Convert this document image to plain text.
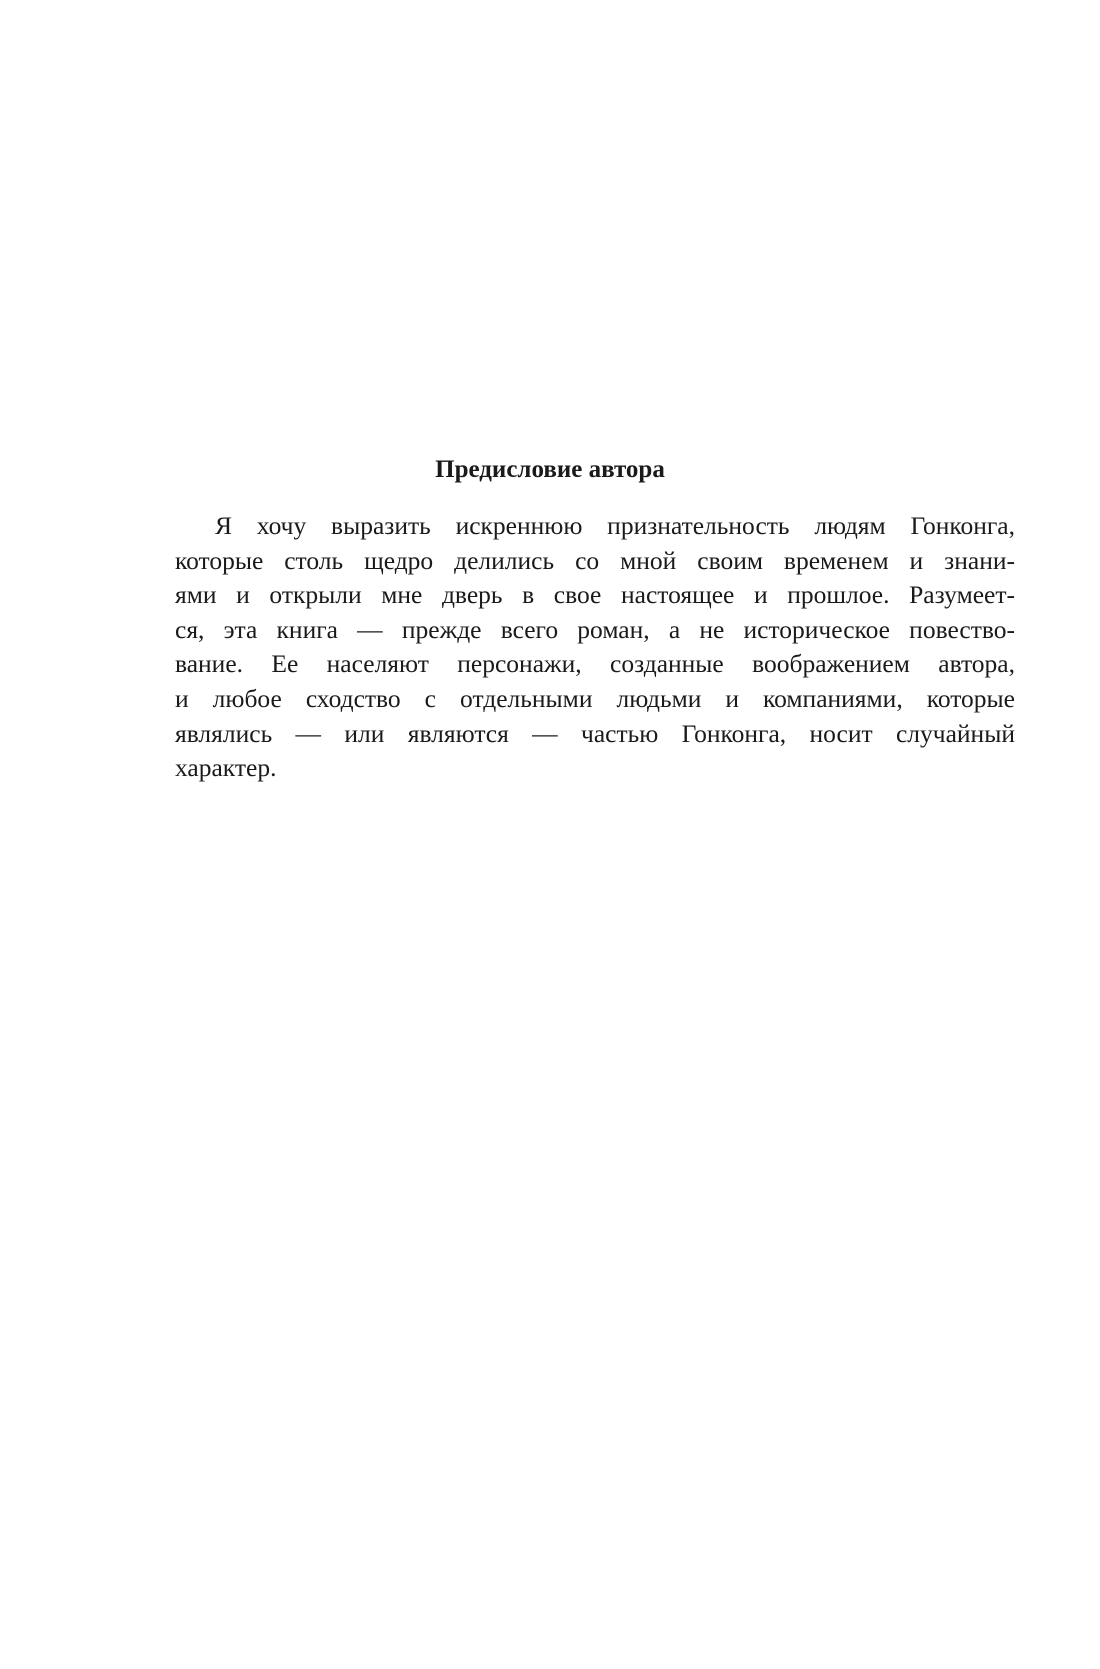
Предисловие автора

Я хочу выразить искреннюю признательность людям Гонконга,
которые столь щедро делились со мной своим временем и знани-
ями и открыли мне дверь в свое настоящее и прошлое. Разумеет-
ся, эта книга — прежде всего роман, а не историческое повество-
вание. Ее населяют персонажи, созданные воображением автора,
и любое сходство с отдельными людьми и компаниями, которые
являлись — или являются — частью Гонконга, носит случайный
характер.
